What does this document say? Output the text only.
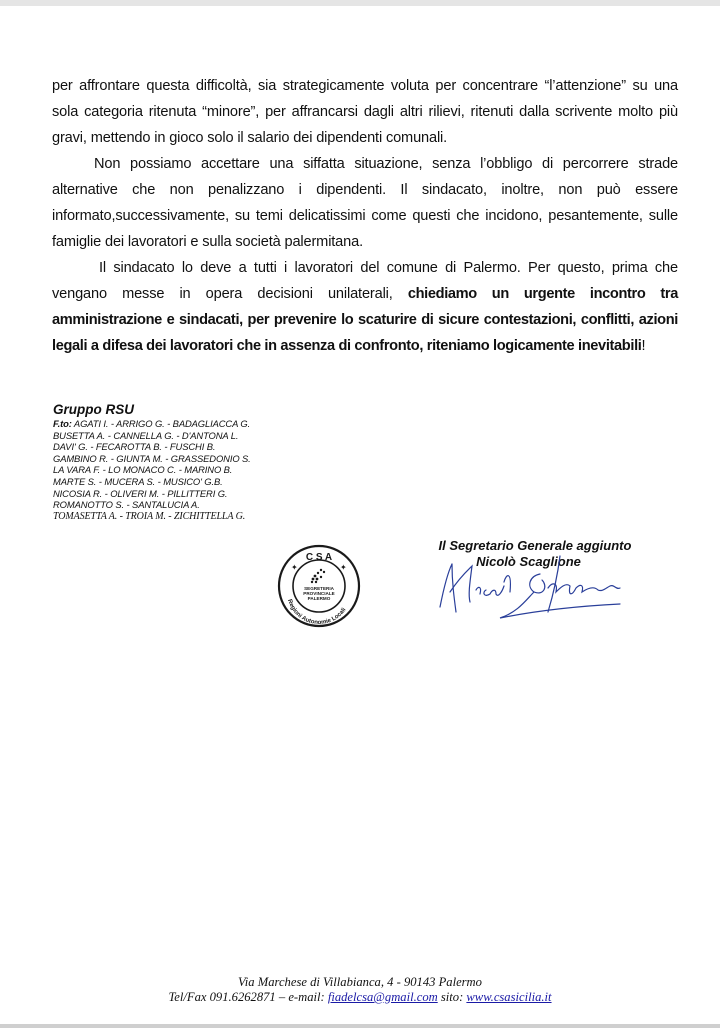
per affrontare questa difficoltà, sia strategicamente voluta per concentrare “l’attenzione” su una sola categoria ritenuta “minore”, per affrancarsi dagli altri rilievi, ritenuti dalla scrivente molto più gravi, mettendo in gioco solo il salario dei dipendenti comunali.

Non possiamo accettare una siffatta situazione, senza l’obbligo di percorrere strade alternative che non penalizzano i dipendenti. Il sindacato, inoltre, non può essere informato,successivamente, su temi delicatissimi come questi che incidono, pesantemente, sulle famiglie dei lavoratori e sulla società palermitana.

Il sindacato lo deve a tutti i lavoratori del comune di Palermo. Per questo, prima che vengano messe in opera decisioni unilaterali, chiediamo un urgente incontro tra amministrazione e sindacati, per prevenire lo scaturire di sicure contestazioni, conflitti, azioni legali a difesa dei lavoratori che in assenza di confronto, riteniamo logicamente inevitabili!

Gruppo RSU
F.to: AGATI I. - ARRIGO G. - BADAGLIACCA G.
BUSETTA A. - CANNELLA G. - D'ANTONA L.
DAVI' G. - FECAROTTA B. - FUSCHI B.
GAMBINO R. - GIUNTA M. - GRASSEDONIO S.
LA VARA F. - LO MONACO C. - MARINO B.
MARTE S. - MUCERA S. - MUSICO' G.B.
NICOSIA R. - OLIVERI M. - PILLITTERI G.
ROMANOTTO S. - SANTALUCIA A.
TOMASETTA A. - TROIA M. - ZICHITTELLA G.
C S A
✦	✦
SEGRETERIA
PROVINCIALE
PALERMO
Regioni Autonomie Locali
Il Segretario Generale aggiunto
Nicolò Scaglione
Via Marchese di Villabianca, 4 - 90143 Palermo
Tel/Fax 091.6262871 – e-mail: fiadelcsa@gmail.com sito: www.csasicilia.it
